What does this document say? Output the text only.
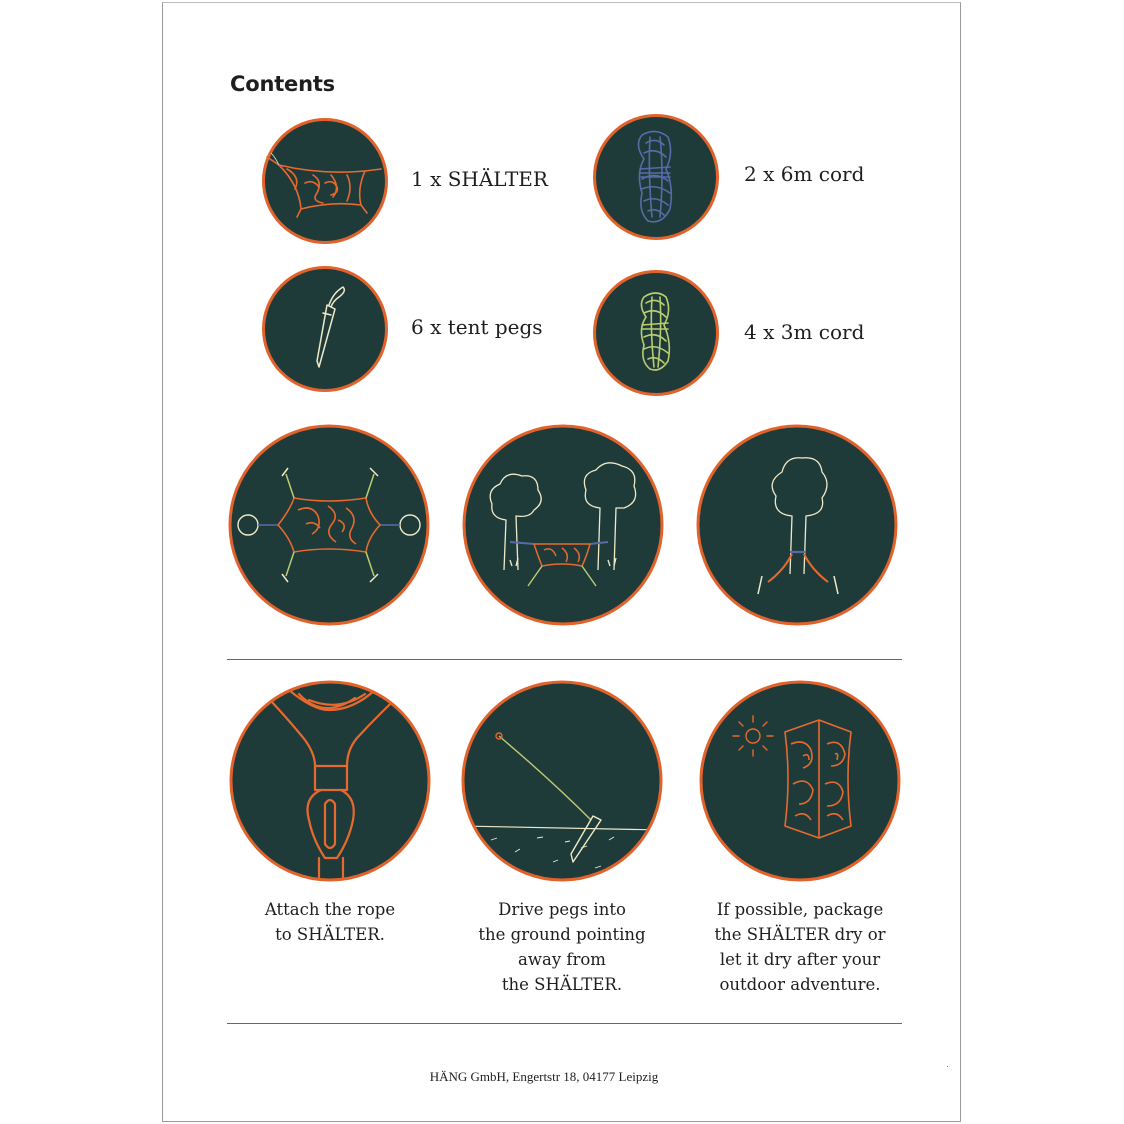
Contents
1 x SHÄLTER	2 x 6m cord
6 x tent pegs	4 x 3m cord
Attach the rope
to SHÄLTER.
Drive pegs into
the ground pointing
away from
the SHÄLTER.
If possible, package
the SHÄLTER dry or
let it dry after your
outdoor adventure.
HÄNG GmbH, Engertstr 18, 04177 Leipzig
